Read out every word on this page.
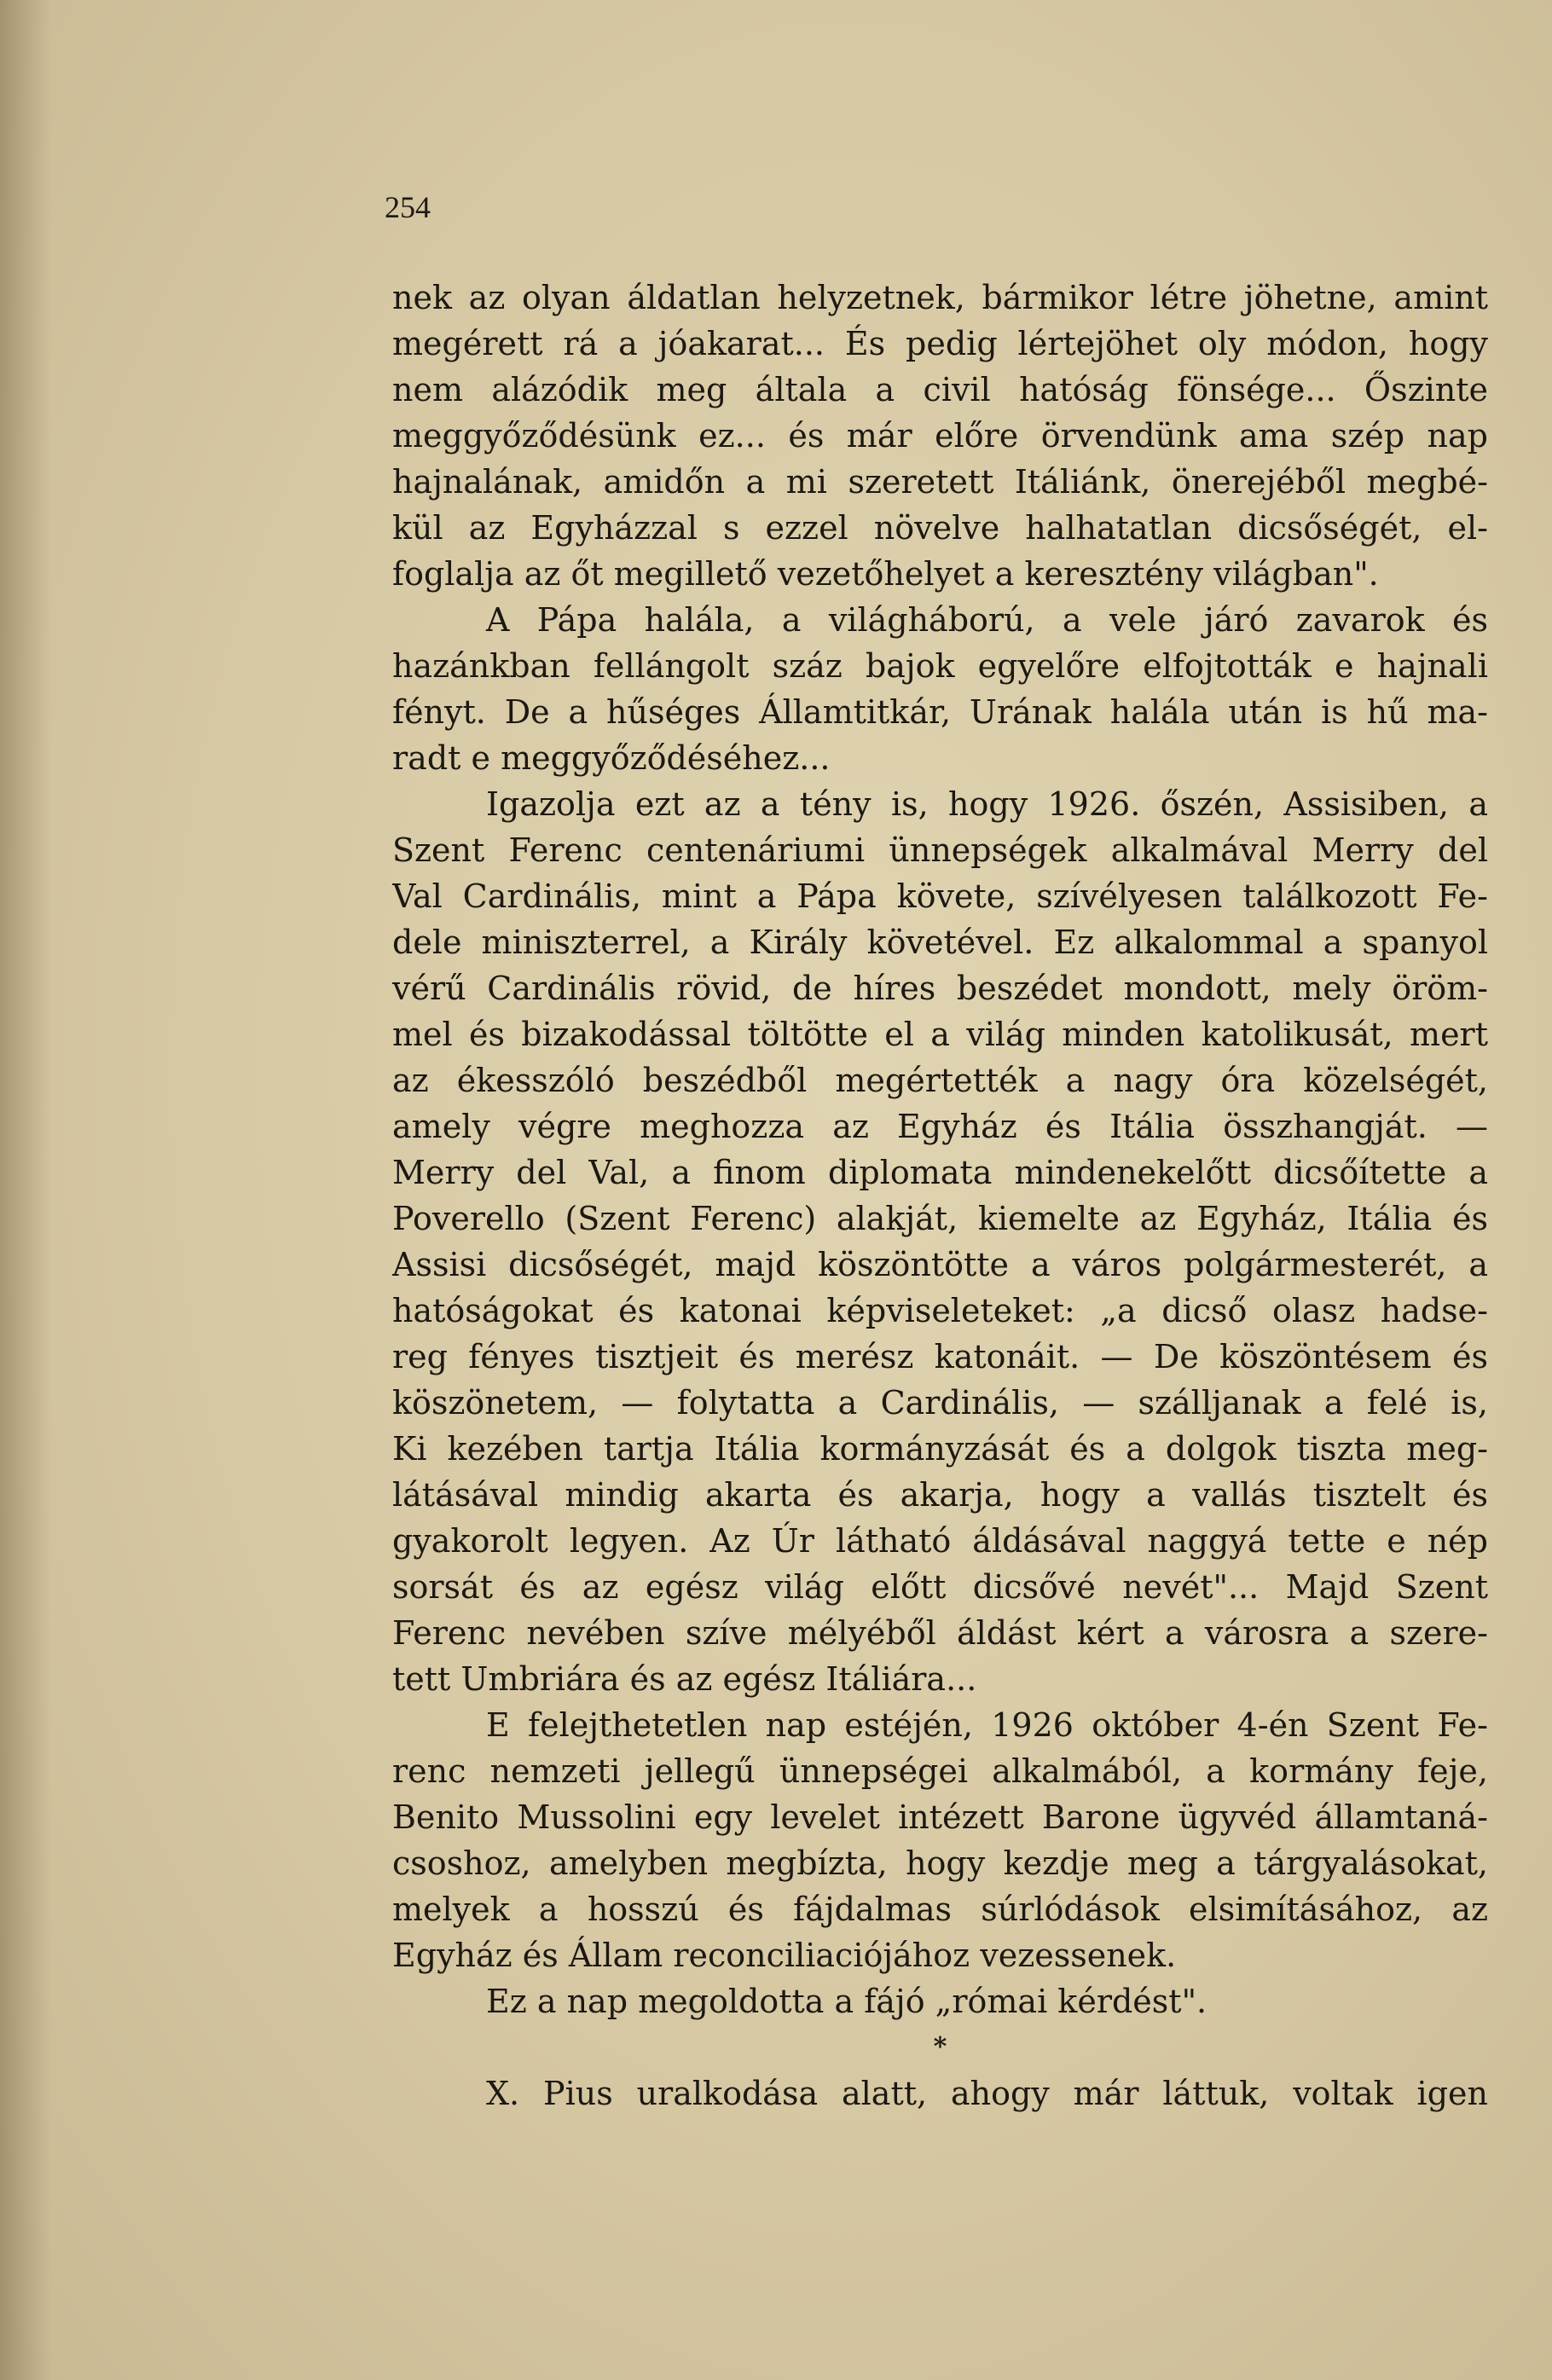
254
nek az olyan áldatlan helyzetnek, bármikor létre jöhetne, amint
megérett rá a jóakarat... És pedig lértejöhet oly módon, hogy
nem alázódik meg általa a civil hatóság fönsége... Őszinte
meggyőződésünk ez... és már előre örvendünk ama szép nap
hajnalának, amidőn a mi szeretett Itáliánk, önerejéből megbé-
kül az Egyházzal s ezzel növelve halhatatlan dicsőségét, el-
foglalja az őt megillető vezetőhelyet a keresztény világban".
A Pápa halála, a világháború, a vele járó zavarok és
hazánkban fellángolt száz bajok egyelőre elfojtották e hajnali
fényt. De a hűséges Államtitkár, Urának halála után is hű ma-
radt e meggyőződéséhez...
Igazolja ezt az a tény is, hogy 1926. őszén, Assisiben, a
Szent Ferenc centenáriumi ünnepségek alkalmával Merry del
Val Cardinális, mint a Pápa követe, szívélyesen találkozott Fe-
dele miniszterrel, a Király követével. Ez alkalommal a spanyol
vérű Cardinális rövid, de híres beszédet mondott, mely öröm-
mel és bizakodással töltötte el a világ minden katolikusát, mert
az ékesszóló beszédből megértették a nagy óra közelségét,
amely végre meghozza az Egyház és Itália összhangját. —
Merry del Val, a finom diplomata mindenekelőtt dicsőítette a
Poverello (Szent Ferenc) alakját, kiemelte az Egyház, Itália és
Assisi dicsőségét, majd köszöntötte a város polgármesterét, a
hatóságokat és katonai képviseleteket: „a dicső olasz hadse-
reg fényes tisztjeit és merész katonáit. — De köszöntésem és
köszönetem, — folytatta a Cardinális, — szálljanak a felé is,
Ki kezében tartja Itália kormányzását és a dolgok tiszta meg-
látásával mindig akarta és akarja, hogy a vallás tisztelt és
gyakorolt legyen. Az Úr látható áldásával naggyá tette e nép
sorsát és az egész világ előtt dicsővé nevét"... Majd Szent
Ferenc nevében szíve mélyéből áldást kért a városra a szere-
tett Umbriára és az egész Itáliára...
E felejthetetlen nap estéjén, 1926 október 4-én Szent Fe-
renc nemzeti jellegű ünnepségei alkalmából, a kormány feje,
Benito Mussolini egy levelet intézett Barone ügyvéd államtaná-
csoshoz, amelyben megbízta, hogy kezdje meg a tárgyalásokat,
melyek a hosszú és fájdalmas súrlódások elsimításához, az
Egyház és Állam reconciliaciójához vezessenek.
Ez a nap megoldotta a fájó „római kérdést".
*
X. Pius uralkodása alatt, ahogy már láttuk, voltak igen
